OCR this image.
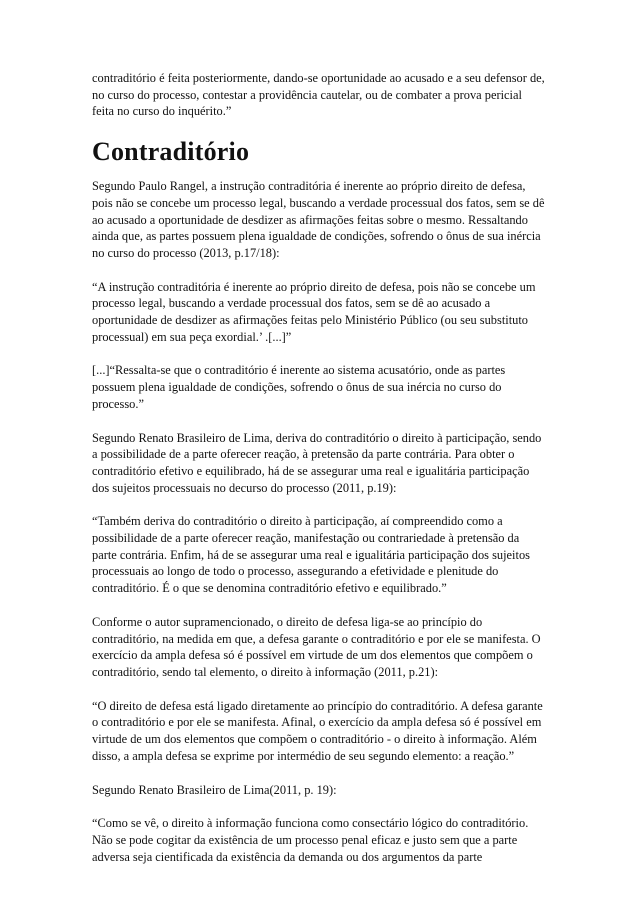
contraditório é feita posteriormente, dando-se oportunidade ao acusado e a seu defensor de, no curso do processo, contestar a providência cautelar, ou de combater a prova pericial feita no curso do inquérito.”

Contraditório

Segundo Paulo Rangel, a instrução contraditória é inerente ao próprio direito de defesa, pois não se concebe um processo legal, buscando a verdade processual dos fatos, sem se dê ao acusado a oportunidade de desdizer as afirmações feitas sobre o mesmo. Ressaltando ainda que, as partes possuem plena igualdade de condições, sofrendo o ônus de sua inércia no curso do processo (2013, p.17/18):

“A instrução contraditória é inerente ao próprio direito de defesa, pois não se concebe um processo legal, buscando a verdade processual dos fatos, sem se dê ao acusado a oportunidade de desdizer as afirmações feitas pelo Ministério Público (ou seu substituto processual) em sua peça exordial.’ .[...]”

[...]“Ressalta-se que o contraditório é inerente ao sistema acusatório, onde as partes possuem plena igualdade de condições, sofrendo o ônus de sua inércia no curso do processo.”

Segundo Renato Brasileiro de Lima, deriva do contraditório o direito à participação, sendo a possibilidade de a parte oferecer reação, à pretensão da parte contrária. Para obter o contraditório efetivo e equilibrado, há de se assegurar uma real e igualitária participação dos sujeitos processuais no decurso do processo (2011, p.19):

“Também deriva do contraditório o direito à participação, aí compreendido como a possibilidade de a parte oferecer reação, manifestação ou contrariedade à pretensão da parte contrária. Enfim, há de se assegurar uma real e igualitária participação dos sujeitos processuais ao longo de todo o processo, assegurando a efetividade e plenitude do contraditório. É o que se denomina contraditório efetivo e equilibrado.”

Conforme o autor supramencionado, o direito de defesa liga-se ao princípio do contraditório, na medida em que, a defesa garante o contraditório e por ele se manifesta. O exercício da ampla defesa só é possível em virtude de um dos elementos que compõem o contraditório, sendo tal elemento, o direito à informação (2011, p.21):

“O direito de defesa está ligado diretamente ao princípio do contraditório. A defesa garante o contraditório e por ele se manifesta. Afinal, o exercício da ampla defesa só é possível em virtude de um dos elementos que compõem o contraditório - o direito à informação. Além disso, a ampla defesa se exprime por intermédio de seu segundo elemento: a reação.”

Segundo Renato Brasileiro de Lima(2011, p. 19):

“Como se vê, o direito à informação funciona como consectário lógico do contraditório. Não se pode cogitar da existência de um processo penal eficaz e justo sem que a parte adversa seja cientificada da existência da demanda ou dos argumentos da parte
